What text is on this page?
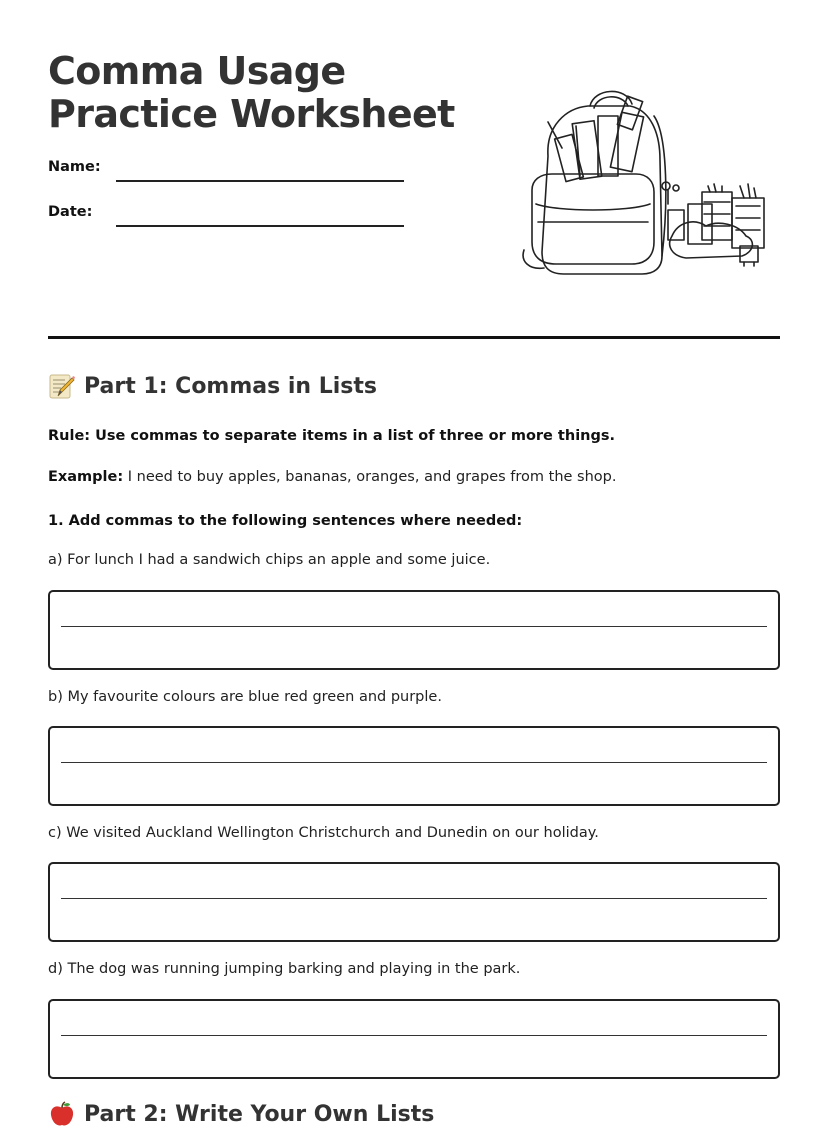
Comma Usage Practice Worksheet
Name:
Date:
Part 1: Commas in Lists
Rule: Use commas to separate items in a list of three or more things.
Example: I need to buy apples, bananas, oranges, and grapes from the shop.
1. Add commas to the following sentences where needed:
a) For lunch I had a sandwich chips an apple and some juice.
b) My favourite colours are blue red green and purple.
c) We visited Auckland Wellington Christchurch and Dunedin on our holiday.
d) The dog was running jumping barking and playing in the park.
Part 2: Write Your Own Lists
